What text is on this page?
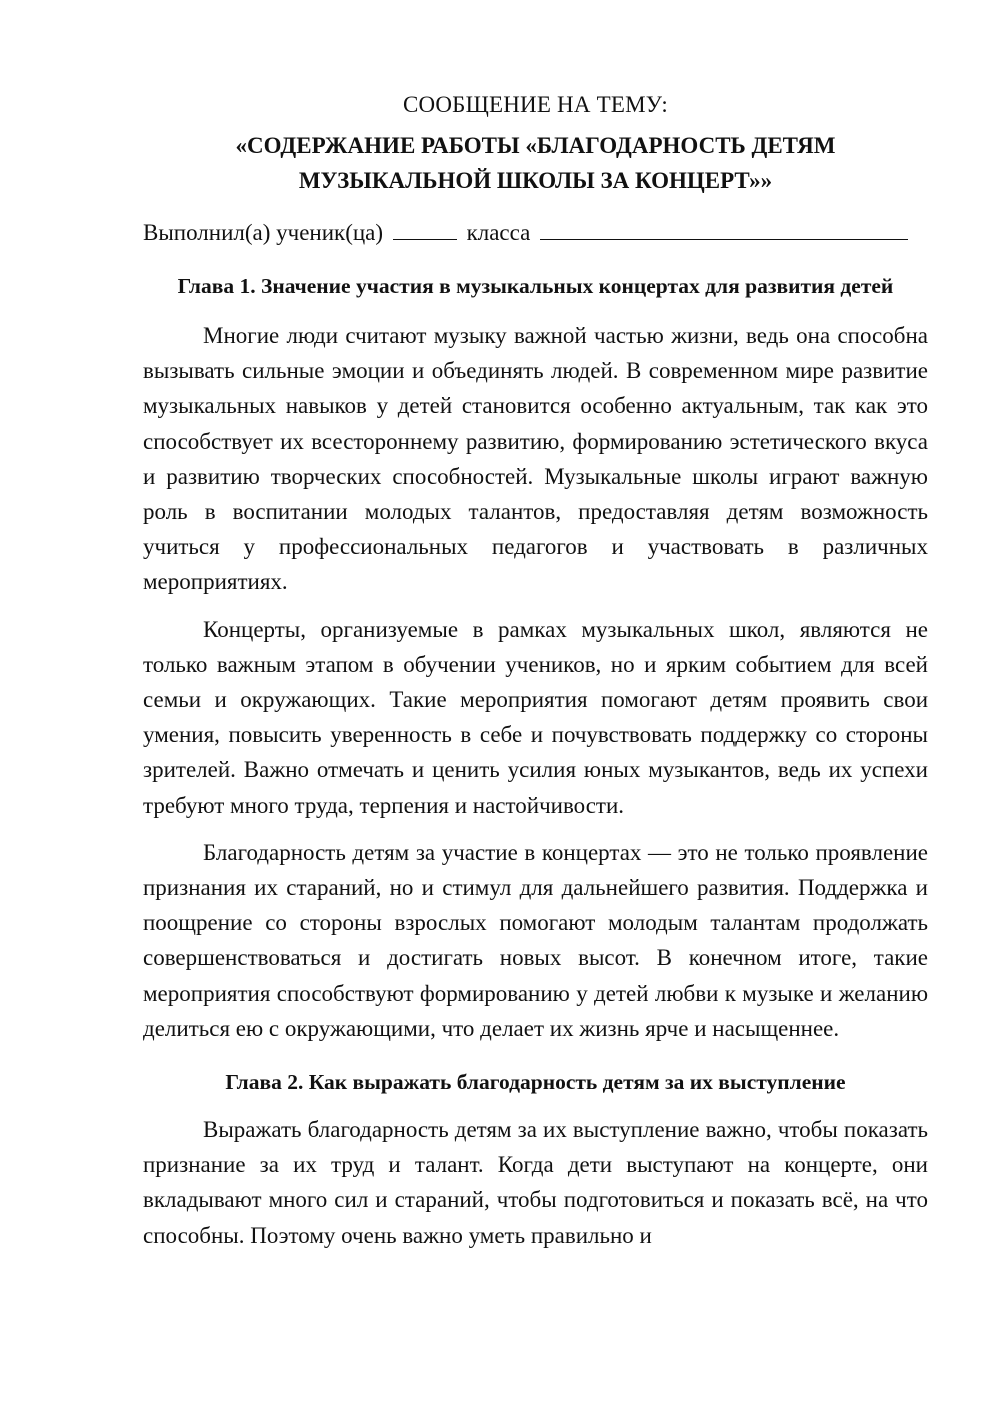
СООБЩЕНИЕ НА ТЕМУ:

«СОДЕРЖАНИЕ РАБОТЫ «БЛАГОДАРНОСТЬ ДЕТЯМ
МУЗЫКАЛЬНОЙ ШКОЛЫ ЗА КОНЦЕРТ»»

Выполнил(а) ученик(ца)	класса

Глава 1. Значение участия в музыкальных концертах для развития детей

Многие люди считают музыку важной частью жизни, ведь она способна вызывать сильные эмоции и объединять людей. В современном мире развитие музыкальных навыков у детей становится особенно актуальным, так как это способствует их всестороннему развитию, формированию эстетического вкуса и развитию творческих способностей. Музыкальные школы играют важную роль в воспитании молодых талантов, предоставляя детям возможность учиться у профессиональных педагогов и участвовать в различных мероприятиях.

Концерты, организуемые в рамках музыкальных школ, являются не только важным этапом в обучении учеников, но и ярким событием для всей семьи и окружающих. Такие мероприятия помогают детям проявить свои умения, повысить уверенность в себе и почувствовать поддержку со стороны зрителей. Важно отмечать и ценить усилия юных музыкантов, ведь их успехи требуют много труда, терпения и настойчивости.

Благодарность детям за участие в концертах — это не только проявление признания их стараний, но и стимул для дальнейшего развития. Поддержка и поощрение со стороны взрослых помогают молодым талантам продолжать совершенствоваться и достигать новых высот. В конечном итоге, такие мероприятия способствуют формированию у детей любви к музыке и желанию делиться ею с окружающими, что делает их жизнь ярче и насыщеннее.

Глава 2. Как выражать благодарность детям за их выступление

Выражать благодарность детям за их выступление важно, чтобы показать признание за их труд и талант. Когда дети выступают на концерте, они вкладывают много сил и стараний, чтобы подготовиться и показать всё, на что способны. Поэтому очень важно уметь правильно и
